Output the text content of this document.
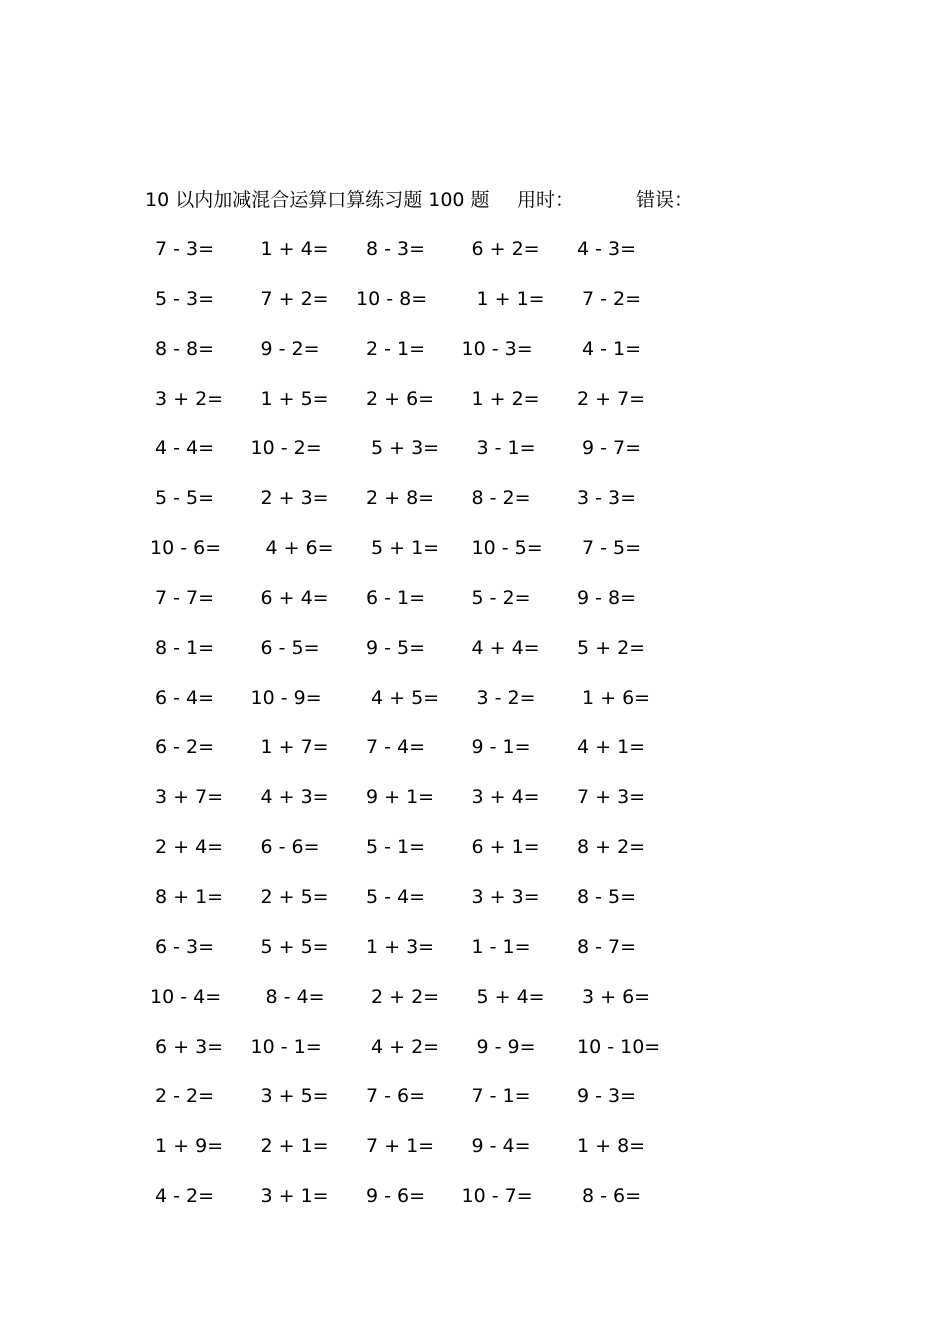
10 以内加减混合运算口算练习题 100 题 用时：	错误：
7 - 3=	1 + 4=	8 - 3=	6 + 2=	4 - 3=
5 - 3=	7 + 2=	10 - 8=	1 + 1=	7 - 2=
8 - 8=	9 - 2=	2 - 1=	10 - 3=	4 - 1=
3 + 2=	1 + 5=	2 + 6=	1 + 2=	2 + 7=
4 - 4=	10 - 2=	5 + 3=	3 - 1=	9 - 7=
5 - 5=	2 + 3=	2 + 8=	8 - 2=	3 - 3=
10 - 6=	4 + 6=	5 + 1=	10 - 5=	7 - 5=
7 - 7=	6 + 4=	6 - 1=	5 - 2=	9 - 8=
8 - 1=	6 - 5=	9 - 5=	4 + 4=	5 + 2=
6 - 4=	10 - 9=	4 + 5=	3 - 2=	1 + 6=
6 - 2=	1 + 7=	7 - 4=	9 - 1=	4 + 1=
3 + 7=	4 + 3=	9 + 1=	3 + 4=	7 + 3=
2 + 4=	6 - 6=	5 - 1=	6 + 1=	8 + 2=
8 + 1=	2 + 5=	5 - 4=	3 + 3=	8 - 5=
6 - 3=	5 + 5=	1 + 3=	1 - 1=	8 - 7=
10 - 4=	8 - 4=	2 + 2=	5 + 4=	3 + 6=
6 + 3=	10 - 1=	4 + 2=	9 - 9=	10 - 10=
2 - 2=	3 + 5=	7 - 6=	7 - 1=	9 - 3=
1 + 9=	2 + 1=	7 + 1=	9 - 4=	1 + 8=
4 - 2=	3 + 1=	9 - 6=	10 - 7=	8 - 6=
